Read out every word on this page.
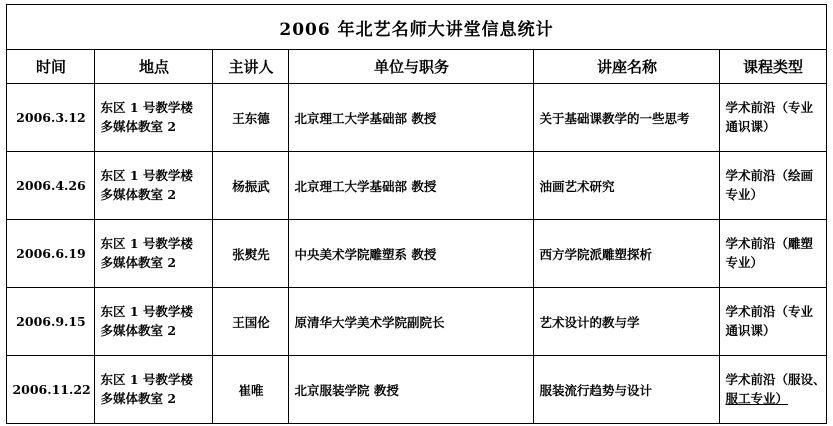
2006 年北艺名师大讲堂信息统计					
时间	地点	主讲人	单位与职务	讲座名称	课程类型
2006.3.12	东区 1 号教学楼
多媒体教室 2	王东德	北京理工大学基础部 教授	关于基础课教学的一些思考	学术前沿（专业
通识课）

2006.4.26	东区 1 号教学楼
多媒体教室 2	杨振武	北京理工大学基础部 教授	油画艺术研究	学术前沿（绘画
专业）

2006.6.19	东区 1 号教学楼
多媒体教室 2	张熨先	中央美术学院雕塑系 教授	西方学院派雕塑探析	学术前沿（雕塑
专业）

2006.9.15	东区 1 号教学楼
多媒体教室 2	王国伦	原清华大学美术学院副院长	艺术设计的教与学	学术前沿（专业
通识课）

2006.11.22	东区 1 号教学楼
多媒体教室 2	崔唯	北京服装学院 教授	服装流行趋势与设计	学术前沿（服设、
服工专业）
